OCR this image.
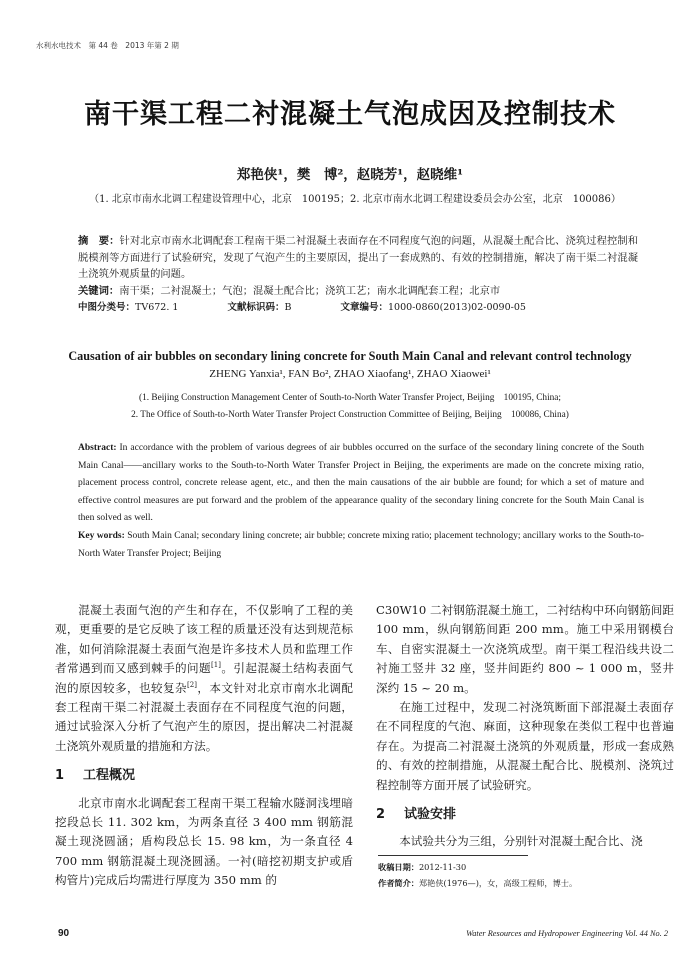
水利水电技术　第 44 卷　2013 年第 2 期
南干渠工程二衬混凝土气泡成因及控制技术
郑艳侠¹，樊　博²，赵晓芳¹，赵晓维¹
（1. 北京市南水北调工程建设管理中心，北京　100195；2. 北京市南水北调工程建设委员会办公室，北京　100086）
摘　要：针对北京市南水北调配套工程南干渠二衬混凝土表面存在不同程度气泡的问题，从混凝土配合比、浇筑过程控制和脱模剂等方面进行了试验研究，发现了气泡产生的主要原因，提出了一套成熟的、有效的控制措施，解决了南干渠二衬混凝土浇筑外观质量的问题。
关键词：南干渠；二衬混凝土；气泡；混凝土配合比；浇筑工艺；南水北调配套工程；北京市
中图分类号：TV672. 1	文献标识码：B	文章编号：1000-0860(2013)02-0090-05
Causation of air bubbles on secondary lining concrete for South Main Canal and relevant control technology
ZHENG Yanxia¹, FAN Bo², ZHAO Xiaofang¹, ZHAO Xiaowei¹
(1. Beijing Construction Management Center of South-to-North Water Transfer Project, Beijing　100195, China;
2. The Office of South-to-North Water Transfer Project Construction Committee of Beijing, Beijing　100086, China)
Abstract: In accordance with the problem of various degrees of air bubbles occurred on the surface of the secondary lining concrete of the South Main Canal——ancillary works to the South-to-North Water Transfer Project in Beijing, the experiments are made on the concrete mixing ratio, placement process control, concrete release agent, etc., and then the main causations of the air bubble are found; for which a set of mature and effective control measures are put forward and the problem of the appearance quality of the secondary lining concrete for the South Main Canal is then solved as well.
Key words: South Main Canal; secondary lining concrete; air bubble; concrete mixing ratio; placement technology; ancillary works to the South-to-North Water Transfer Project; Beijing

混凝土表面气泡的产生和存在，不仅影响了工程的美观，更重要的是它反映了该工程的质量还没有达到规范标准，如何消除混凝土表面气泡是许多技术人员和监理工作者常遇到而又感到棘手的问题[1]。引起混凝土结构表面气泡的原因较多，也较复杂[2]，本文针对北京市南水北调配套工程南干渠二衬混凝土表面存在不同程度气泡的问题，通过试验深入分析了气泡产生的原因，提出解决二衬混凝土浇筑外观质量的措施和方法。

1 工程概况

北京市南水北调配套工程南干渠工程输水隧洞浅埋暗挖段总长 11. 302 km，为两条直径 3 400 mm 钢筋混凝土现浇圆涵；盾构段总长 15. 98 km，为一条直径 4 700 mm 钢筋混凝土现浇圆涵。一衬(暗挖初期支护或盾构管片)完成后均需进行厚度为 350 mm 的

C30W10 二衬钢筋混凝土施工，二衬结构中环向钢筋间距 100 mm，纵向钢筋间距 200 mm。施工中采用钢模台车、自密实混凝土一次浇筑成型。南干渠工程沿线共设二衬施工竖井 32 座，竖井间距约 800 ~ 1 000 m，竖井深约 15 ~ 20 m。

在施工过程中，发现二衬浇筑断面下部混凝土表面存在不同程度的气泡、麻面，这种现象在类似工程中也普遍存在。为提高二衬混凝土浇筑的外观质量，形成一套成熟的、有效的控制措施，从混凝土配合比、脱模剂、浇筑过程控制等方面开展了试验研究。

2 试验安排

本试验共分为三组，分别针对混凝土配合比、浇

收稿日期：2012-11-30
作者简介：郑艳侠(1976—)，女，高级工程师，博士。
90	Water Resources and Hydropower Engineering Vol. 44 No. 2
